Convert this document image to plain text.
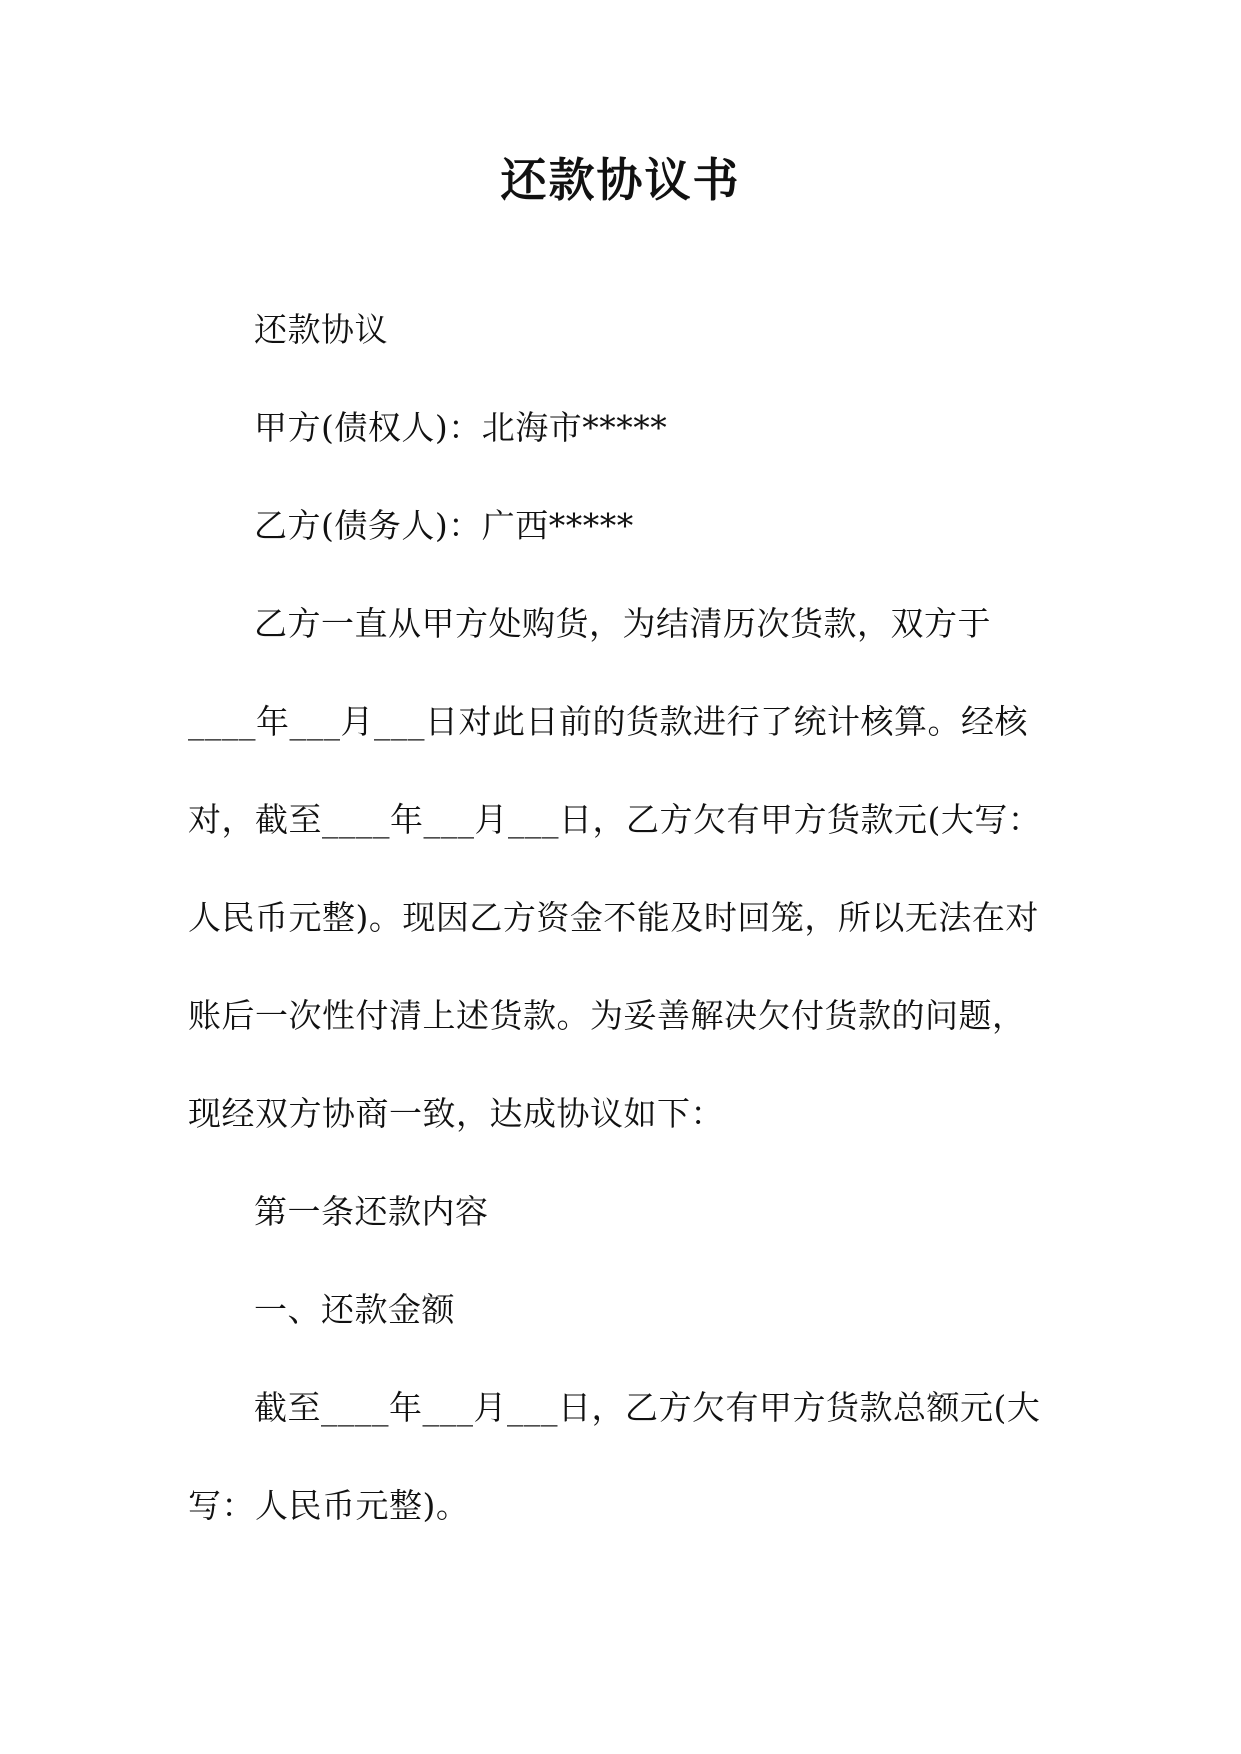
还款协议书
还款协议
甲方(债权人)：北海市*****
乙方(债务人)：广西*****
乙方一直从甲方处购货，为结清历次货款，双方于
____年___月___日对此日前的货款进行了统计核算。经核
对，截至____年___月___日，乙方欠有甲方货款元(大写：
人民币元整)。现因乙方资金不能及时回笼，所以无法在对
账后一次性付清上述货款。为妥善解决欠付货款的问题，
现经双方协商一致，达成协议如下：
第一条还款内容
一、还款金额
截至____年___月___日，乙方欠有甲方货款总额元(大
写：人民币元整)。
